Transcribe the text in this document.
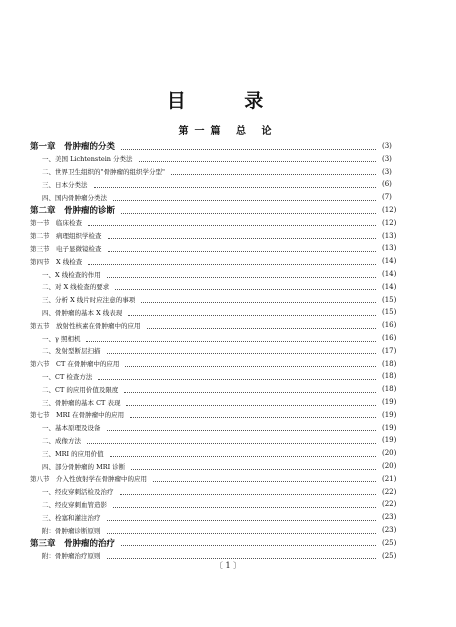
目 录
第一篇 总 论
第一章　骨肿瘤的分类	(3)
一、美国 Lichtenstein 分类法	(3)
二、世界卫生组织的"骨肿瘤的组织学分型"	(3)
三、日本分类法	(6)
四、国内骨肿瘤分类法	(7)
第二章　骨肿瘤的诊断	(12)
第一节　临床检查	(12)
第二节　病理组织学检查	(13)
第三节　电子显微镜检查	(13)
第四节　X 线检查	(14)
一、X 线检查的作用	(14)
二、对 X 线检查的要求	(14)
三、分析 X 线片时应注意的事项	(15)
四、骨肿瘤的基本 X 线表现	(15)
第五节　放射性核素在骨肿瘤中的应用	(16)
一、γ 照相机	(16)
二、发射型断层扫描	(17)
第六节　CT 在骨肿瘤中的应用	(18)
一、CT 检查方法	(18)
二、CT 的应用价值及限度	(18)
三、骨肿瘤的基本 CT 表现	(19)
第七节　MRI 在骨肿瘤中的应用	(19)
一、基本原理及设备	(19)
二、成像方法	(19)
三、MRI 的应用价值	(20)
四、部分骨肿瘤的 MRI 诊断	(20)
第八节　介入性放射学在骨肿瘤中的应用	(21)
一、经皮穿刺活检及治疗	(22)
二、经皮穿刺血管造影	(22)
三、栓塞和灌注治疗	(23)
附：骨肿瘤诊断原则	(23)
第三章　骨肿瘤的治疗	(25)
附：骨肿瘤治疗原则	(25)
〔 1 〕
